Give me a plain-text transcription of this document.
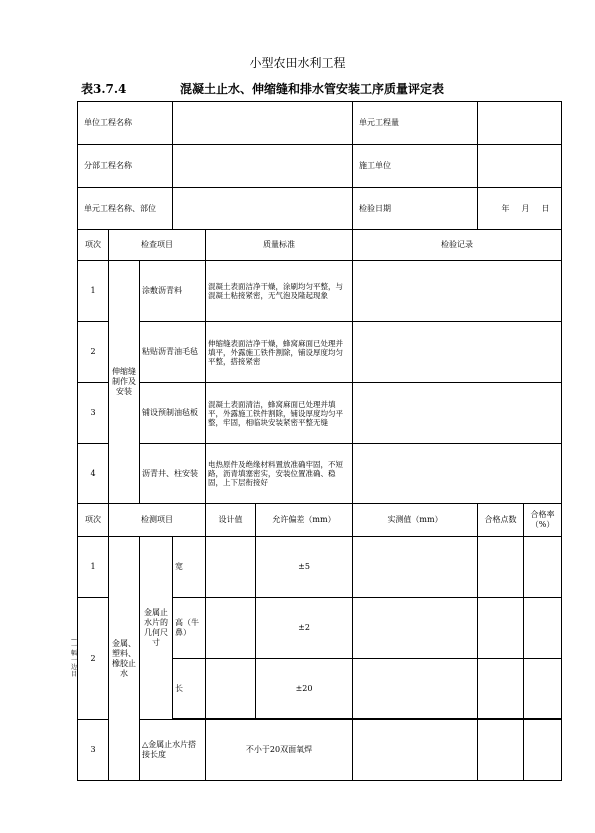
小型农田水利工程
表3.7.4	混凝土止水、伸缩缝和排水管安装工序质量评定表
—一幅一边目
单位工程名称						单元工程量		
分部工程名称						施工单位		
单元工程名称、部位						检验日期	年 月 日	
项次	检查项目			质量标准		检验记录		
1	伸缩缝制作及安装	涂敷沥青料		混凝土表面洁净干燥，涂刷均匀平整，与混凝土粘接紧密，无气泡及隆起现象				
2		粘贴沥青油毛毡		伸缩缝表面洁净干燥，蜂窝麻面已处理并填平，外露施工铁件割除，铺设厚度均匀平整，搭接紧密				
3		铺设预制油毡板		混凝土表面清洁，蜂窝麻面已处理并填平，外露施工铁件割除，铺设厚度均匀平整，牢固，相临块安装紧密平整无缝				
4		沥青井、柱安装		电热原件及绝缘材料置放准确牢固，不短路，沥青填塞密实，安装位置准确、稳固，上下层衔接好				
项次	检测项目			设计值	允许偏差（mm）	实测值（mm）	合格点数	合格率（%）
1	金属、塑料、橡胶止水	金属止水片的几何尺寸	宽		±5			
2			高（牛鼻）		±2			
			长		±20			

3		△金属止水片搭接长度		不小于20双面氧焊				
